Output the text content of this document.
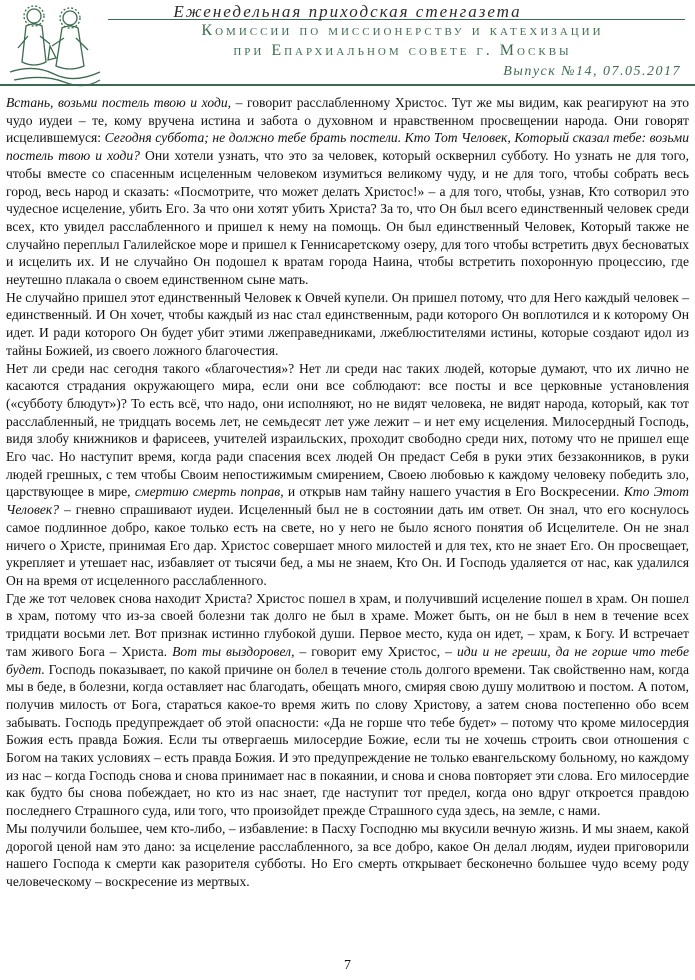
Еженедельная приходская стенгазета
Комиссии по миссионерству и катехизации
при Епархиальном совете г. Москвы
Выпуск №14, 07.05.2017

Встань, возьми постель твою и ходи, – говорит расслабленному Христос. Тут же мы видим, как реагируют на это чудо иудеи – те, кому вручена истина и забота о духовном и нравственном просвещении народа. Они говорят исцелившемуся: Сегодня суббота; не должно тебе брать постели. Кто Тот Человек, Который сказал тебе: возьми постель твою и ходи? Они хотели узнать, что это за человек, который осквернил субботу. Но узнать не для того, чтобы вместе со спасенным исцеленным человеком изумиться великому чуду, и не для того, чтобы собрать весь город, весь народ и сказать: «Посмотрите, что может делать Христос!» – а для того, чтобы, узнав, Кто сотворил это чудесное исцеление, убить Его. За что они хотят убить Христа? За то, что Он был всего единственный человек среди всех, кто увидел расслабленного и пришел к нему на помощь. Он был единственный Человек, Который также не случайно переплыл Галилейское море и пришел к Геннисаретскому озеру, для того чтобы встретить двух бесноватых и исцелить их. И не случайно Он подошел к вратам города Наина, чтобы встретить похоронную процессию, где неутешно плакала о своем единственном сыне мать.

Не случайно пришел этот единственный Человек к Овчей купели. Он пришел потому, что для Него каждый человек – единственный. И Он хочет, чтобы каждый из нас стал единственным, ради которого Он воплотился и к которому Он идет. И ради которого Он будет убит этими лжеправедниками, лжеблюстителями истины, которые создают идол из тайны Божией, из своего ложного благочестия.

Нет ли среди нас сегодня такого «благочестия»? Нет ли среди нас таких людей, которые думают, что их лично не касаются страдания окружающего мира, если они все соблюдают: все посты и все церковные установления («субботу блюдут»)? То есть всё, что надо, они исполняют, но не видят человека, не видят народа, который, как тот расслабленный, не тридцать восемь лет, не семьдесят лет уже лежит – и нет ему исцеления. Милосердный Господь, видя злобу книжников и фарисеев, учителей израильских, проходит свободно среди них, потому что не пришел еще Его час. Но наступит время, когда ради спасения всех людей Он предаст Себя в руки этих беззаконников, в руки людей грешных, с тем чтобы Своим непостижимым смирением, Своею любовью к каждому человеку победить зло, царствующее в мире, смертию смерть поправ, и открыв нам тайну нашего участия в Его Воскресении. Кто Этот Человек? – гневно спрашивают иудеи. Исцеленный был не в состоянии дать им ответ. Он знал, что его коснулось самое подлинное добро, какое только есть на свете, но у него не было ясного понятия об Исцелителе. Он не знал ничего о Христе, принимая Его дар. Христос совершает много милостей и для тех, кто не знает Его. Он просвещает, укрепляет и утешает нас, избавляет от тысячи бед, а мы не знаем, Кто Он. И Господь удаляется от нас, как удалился Он на время от исцеленного расслабленного.

Где же тот человек снова находит Христа? Христос пошел в храм, и получивший исцеление пошел в храм. Он пошел в храм, потому что из-за своей болезни так долго не был в храме. Может быть, он не был в нем в течение всех тридцати восьми лет. Вот признак истинно глубокой души. Первое место, куда он идет, – храм, к Богу. И встречает там живого Бога – Христа. Вот ты выздоровел, – говорит ему Христос, – иди и не греши, да не горше что тебе будет. Господь показывает, по какой причине он болел в течение столь долгого времени. Так свойственно нам, когда мы в беде, в болезни, когда оставляет нас благодать, обещать много, смиряя свою душу молитвою и постом. А потом, получив милость от Бога, стараться какое-то время жить по слову Христову, а затем снова постепенно обо всем забывать. Господь предупреждает об этой опасности: «Да не горше что тебе будет» – потому что кроме милосердия Божия есть правда Божия. Если ты отвергаешь милосердие Божие, если ты не хочешь строить свои отношения с Богом на таких условиях – есть правда Божия. И это предупреждение не только евангельскому больному, но каждому из нас – когда Господь снова и снова принимает нас в покаянии, и снова и снова повторяет эти слова. Его милосердие как будто бы снова побеждает, но кто из нас знает, где наступит тот предел, когда оно вдруг откроется правдою последнего Страшного суда, или того, что произойдет прежде Страшного суда здесь, на земле, с нами.

Мы получили большее, чем кто-либо, – избавление: в Пасху Господню мы вкусили вечную жизнь. И мы знаем, какой дорогой ценой нам это дано: за исцеление расслабленного, за все добро, какое Он делал людям, иудеи приговорили нашего Господа к смерти как разорителя субботы. Но Его смерть открывает бесконечно большее чудо всему роду человеческому – воскресение из мертвых.

7
